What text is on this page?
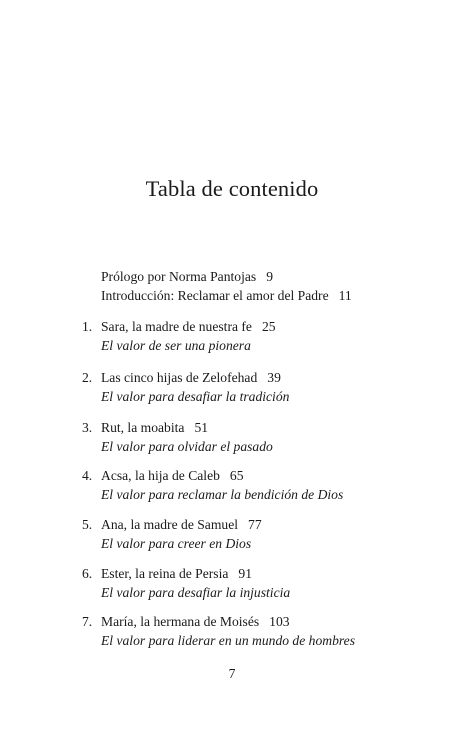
Tabla de contenido
Prólogo por Norma Pantojas 9
Introducción: Reclamar el amor del Padre 11
1. Sara, la madre de nuestra fe 25
El valor de ser una pionera
2. Las cinco hijas de Zelofehad 39
El valor para desafiar la tradición
3. Rut, la moabita 51
El valor para olvidar el pasado
4. Acsa, la hija de Caleb 65
El valor para reclamar la bendición de Dios
5. Ana, la madre de Samuel 77
El valor para creer en Dios
6. Ester, la reina de Persia 91
El valor para desafiar la injusticia
7. María, la hermana de Moisés 103
El valor para liderar en un mundo de hombres
7
